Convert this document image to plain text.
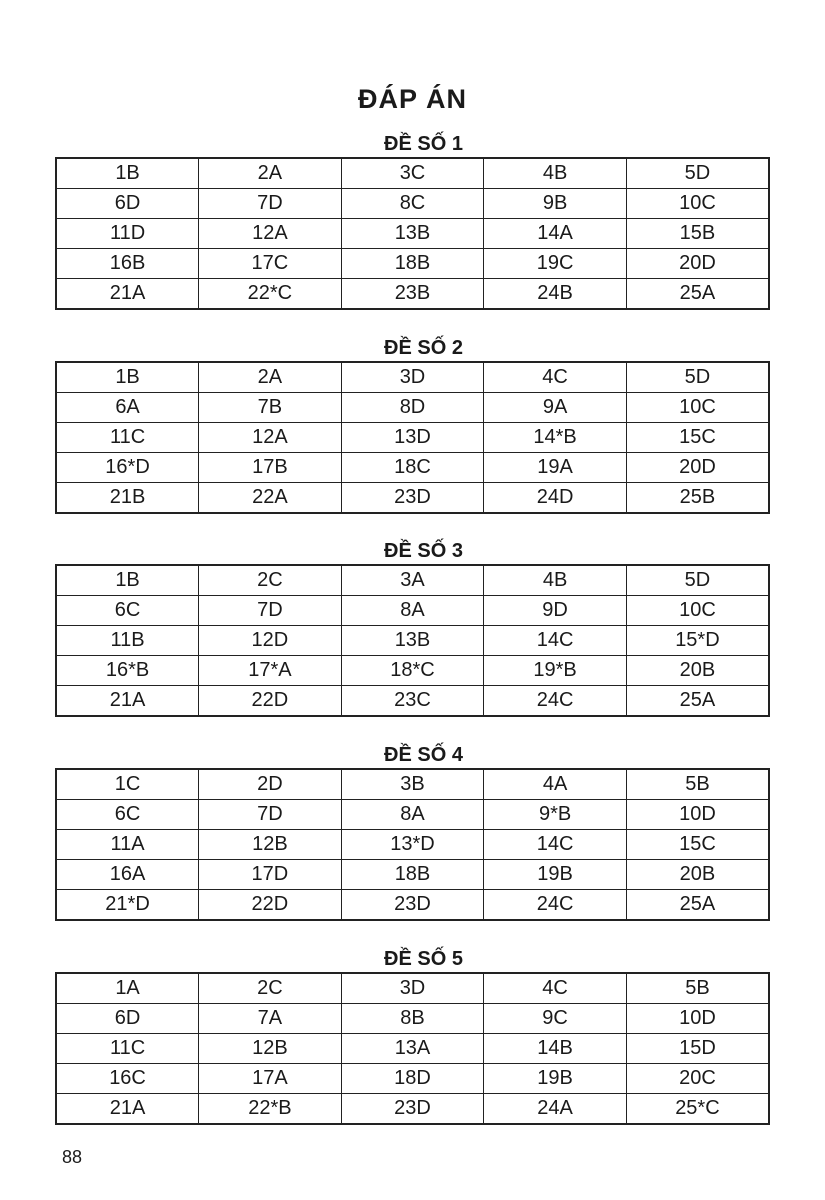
ĐÁP ÁN
ĐỀ SỐ 1
1B	2A	3C	4B	5D
6D	7D	8C	9B	10C
11D	12A	13B	14A	15B
16B	17C	18B	19C	20D
21A	22*C	23B	24B	25A
ĐỀ SỐ 2
1B	2A	3D	4C	5D
6A	7B	8D	9A	10C
11C	12A	13D	14*B	15C
16*D	17B	18C	19A	20D
21B	22A	23D	24D	25B
ĐỀ SỐ 3
1B	2C	3A	4B	5D
6C	7D	8A	9D	10C
11B	12D	13B	14C	15*D
16*B	17*A	18*C	19*B	20B
21A	22D	23C	24C	25A
ĐỀ SỐ 4
1C	2D	3B	4A	5B
6C	7D	8A	9*B	10D
11A	12B	13*D	14C	15C
16A	17D	18B	19B	20B
21*D	22D	23D	24C	25A
ĐỀ SỐ 5
1A	2C	3D	4C	5B
6D	7A	8B	9C	10D
11C	12B	13A	14B	15D
16C	17A	18D	19B	20C
21A	22*B	23D	24A	25*C
88
